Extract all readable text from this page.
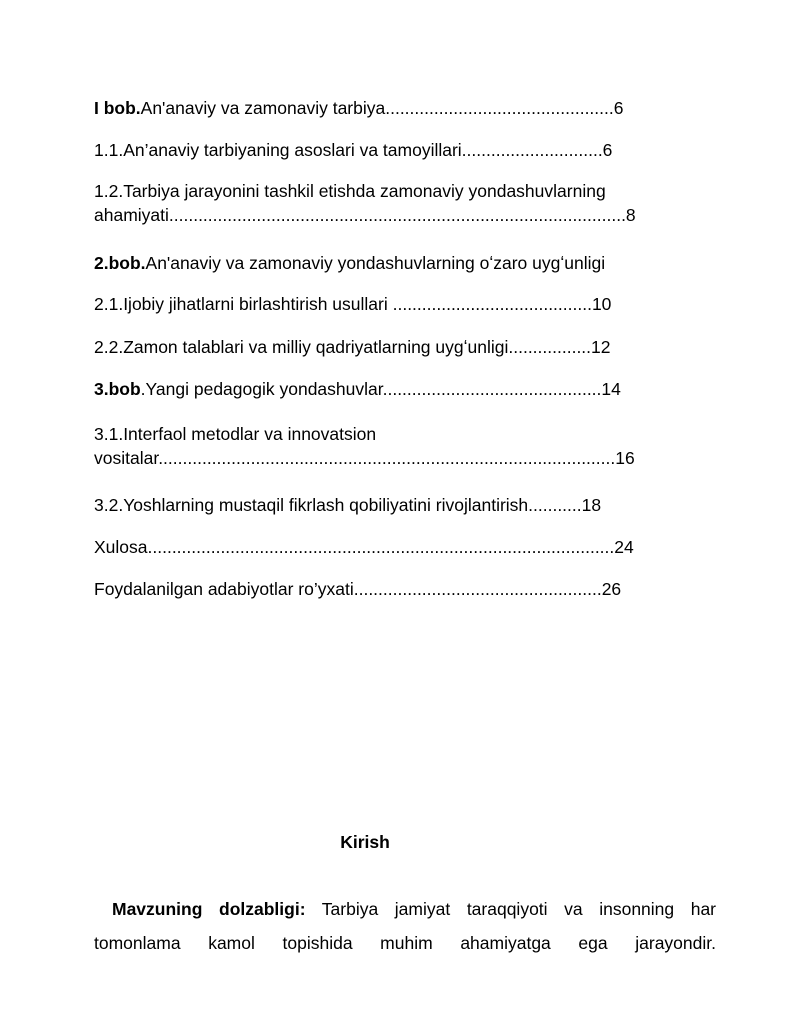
I bob.An'anaviy va zamonaviy tarbiya...............................................6

1.1.An’anaviy tarbiyaning asoslari va tamoyillari.............................6

1.2.Tarbiya jarayonini tashkil etishda zamonaviy yondashuvlarning
ahamiyati..............................................................................................8

2.bob.An'anaviy va zamonaviy yondashuvlarning oʻzaro uygʻunligi

2.1.Ijobiy jihatlarni birlashtirish usullari .........................................10

2.2.Zamon talablari va milliy qadriyatlarning uygʻunligi.................12

3.bob.Yangi pedagogik yondashuvlar.............................................14

3.1.Interfaol metodlar va innovatsion
vositalar..............................................................................................16

3.2.Yoshlarning mustaqil fikrlash qobiliyatini rivojlantirish...........18

Xulosa................................................................................................24

Foydalanilgan adabiyotlar ro’yxati...................................................26

Kirish

Mavzuning dolzabligi: Tarbiya jamiyat taraqqiyoti va insonning har tomonlama kamol topishida muhim ahamiyatga ega jarayondir.
